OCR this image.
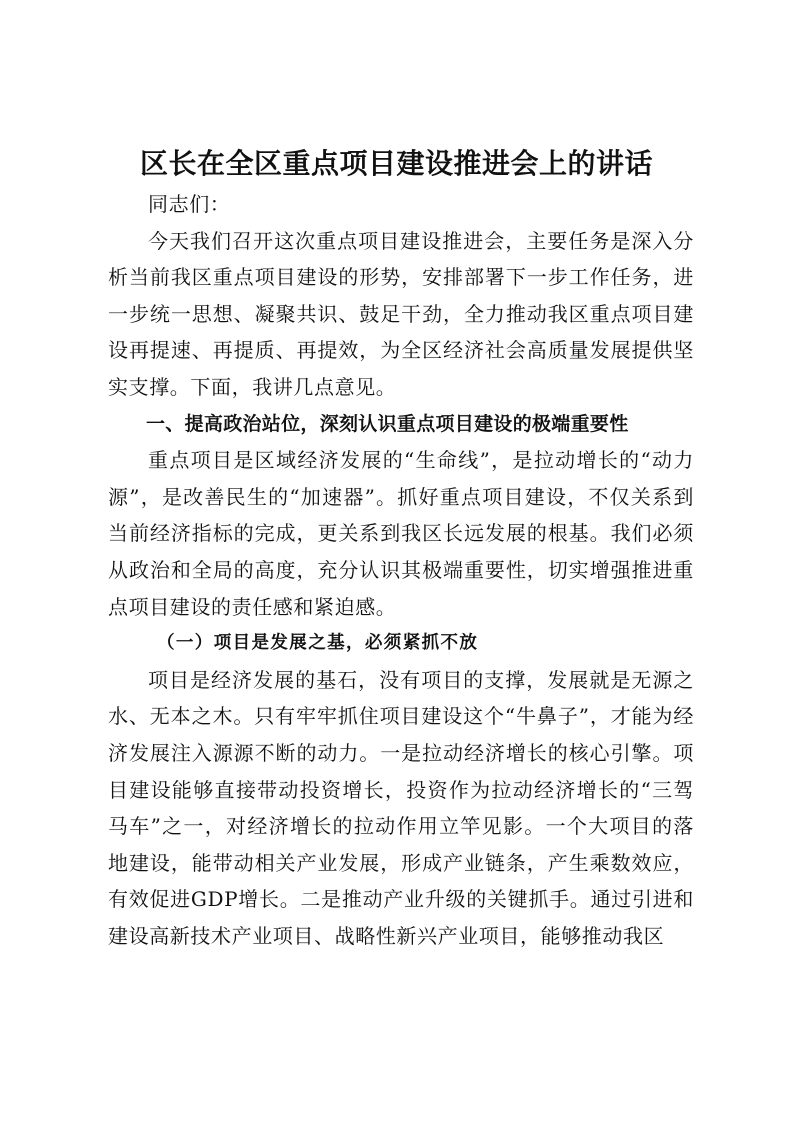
区长在全区重点项目建设推进会上的讲话

同志们：

今天我们召开这次重点项目建设推进会，主要任务是深入分析当前我区重点项目建设的形势，安排部署下一步工作任务，进一步统一思想、凝聚共识、鼓足干劲，全力推动我区重点项目建设再提速、再提质、再提效，为全区经济社会高质量发展提供坚实支撑。下面，我讲几点意见。

一、提高政治站位，深刻认识重点项目建设的极端重要性

重点项目是区域经济发展的“生命线”，是拉动增长的“动力源”，是改善民生的“加速器”。抓好重点项目建设，不仅关系到当前经济指标的完成，更关系到我区长远发展的根基。我们必须从政治和全局的高度，充分认识其极端重要性，切实增强推进重点项目建设的责任感和紧迫感。

（一）项目是发展之基，必须紧抓不放

项目是经济发展的基石，没有项目的支撑，发展就是无源之水、无本之木。只有牢牢抓住项目建设这个“牛鼻子”，才能为经济发展注入源源不断的动力。一是拉动经济增长的核心引擎。项目建设能够直接带动投资增长，投资作为拉动经济增长的“三驾马车”之一，对经济增长的拉动作用立竿见影。一个大项目的落地建设，能带动相关产业发展，形成产业链条，产生乘数效应，有效促进GDP增长。二是推动产业升级的关键抓手。通过引进和建设高新技术产业项目、战略性新兴产业项目，能够推动我区
